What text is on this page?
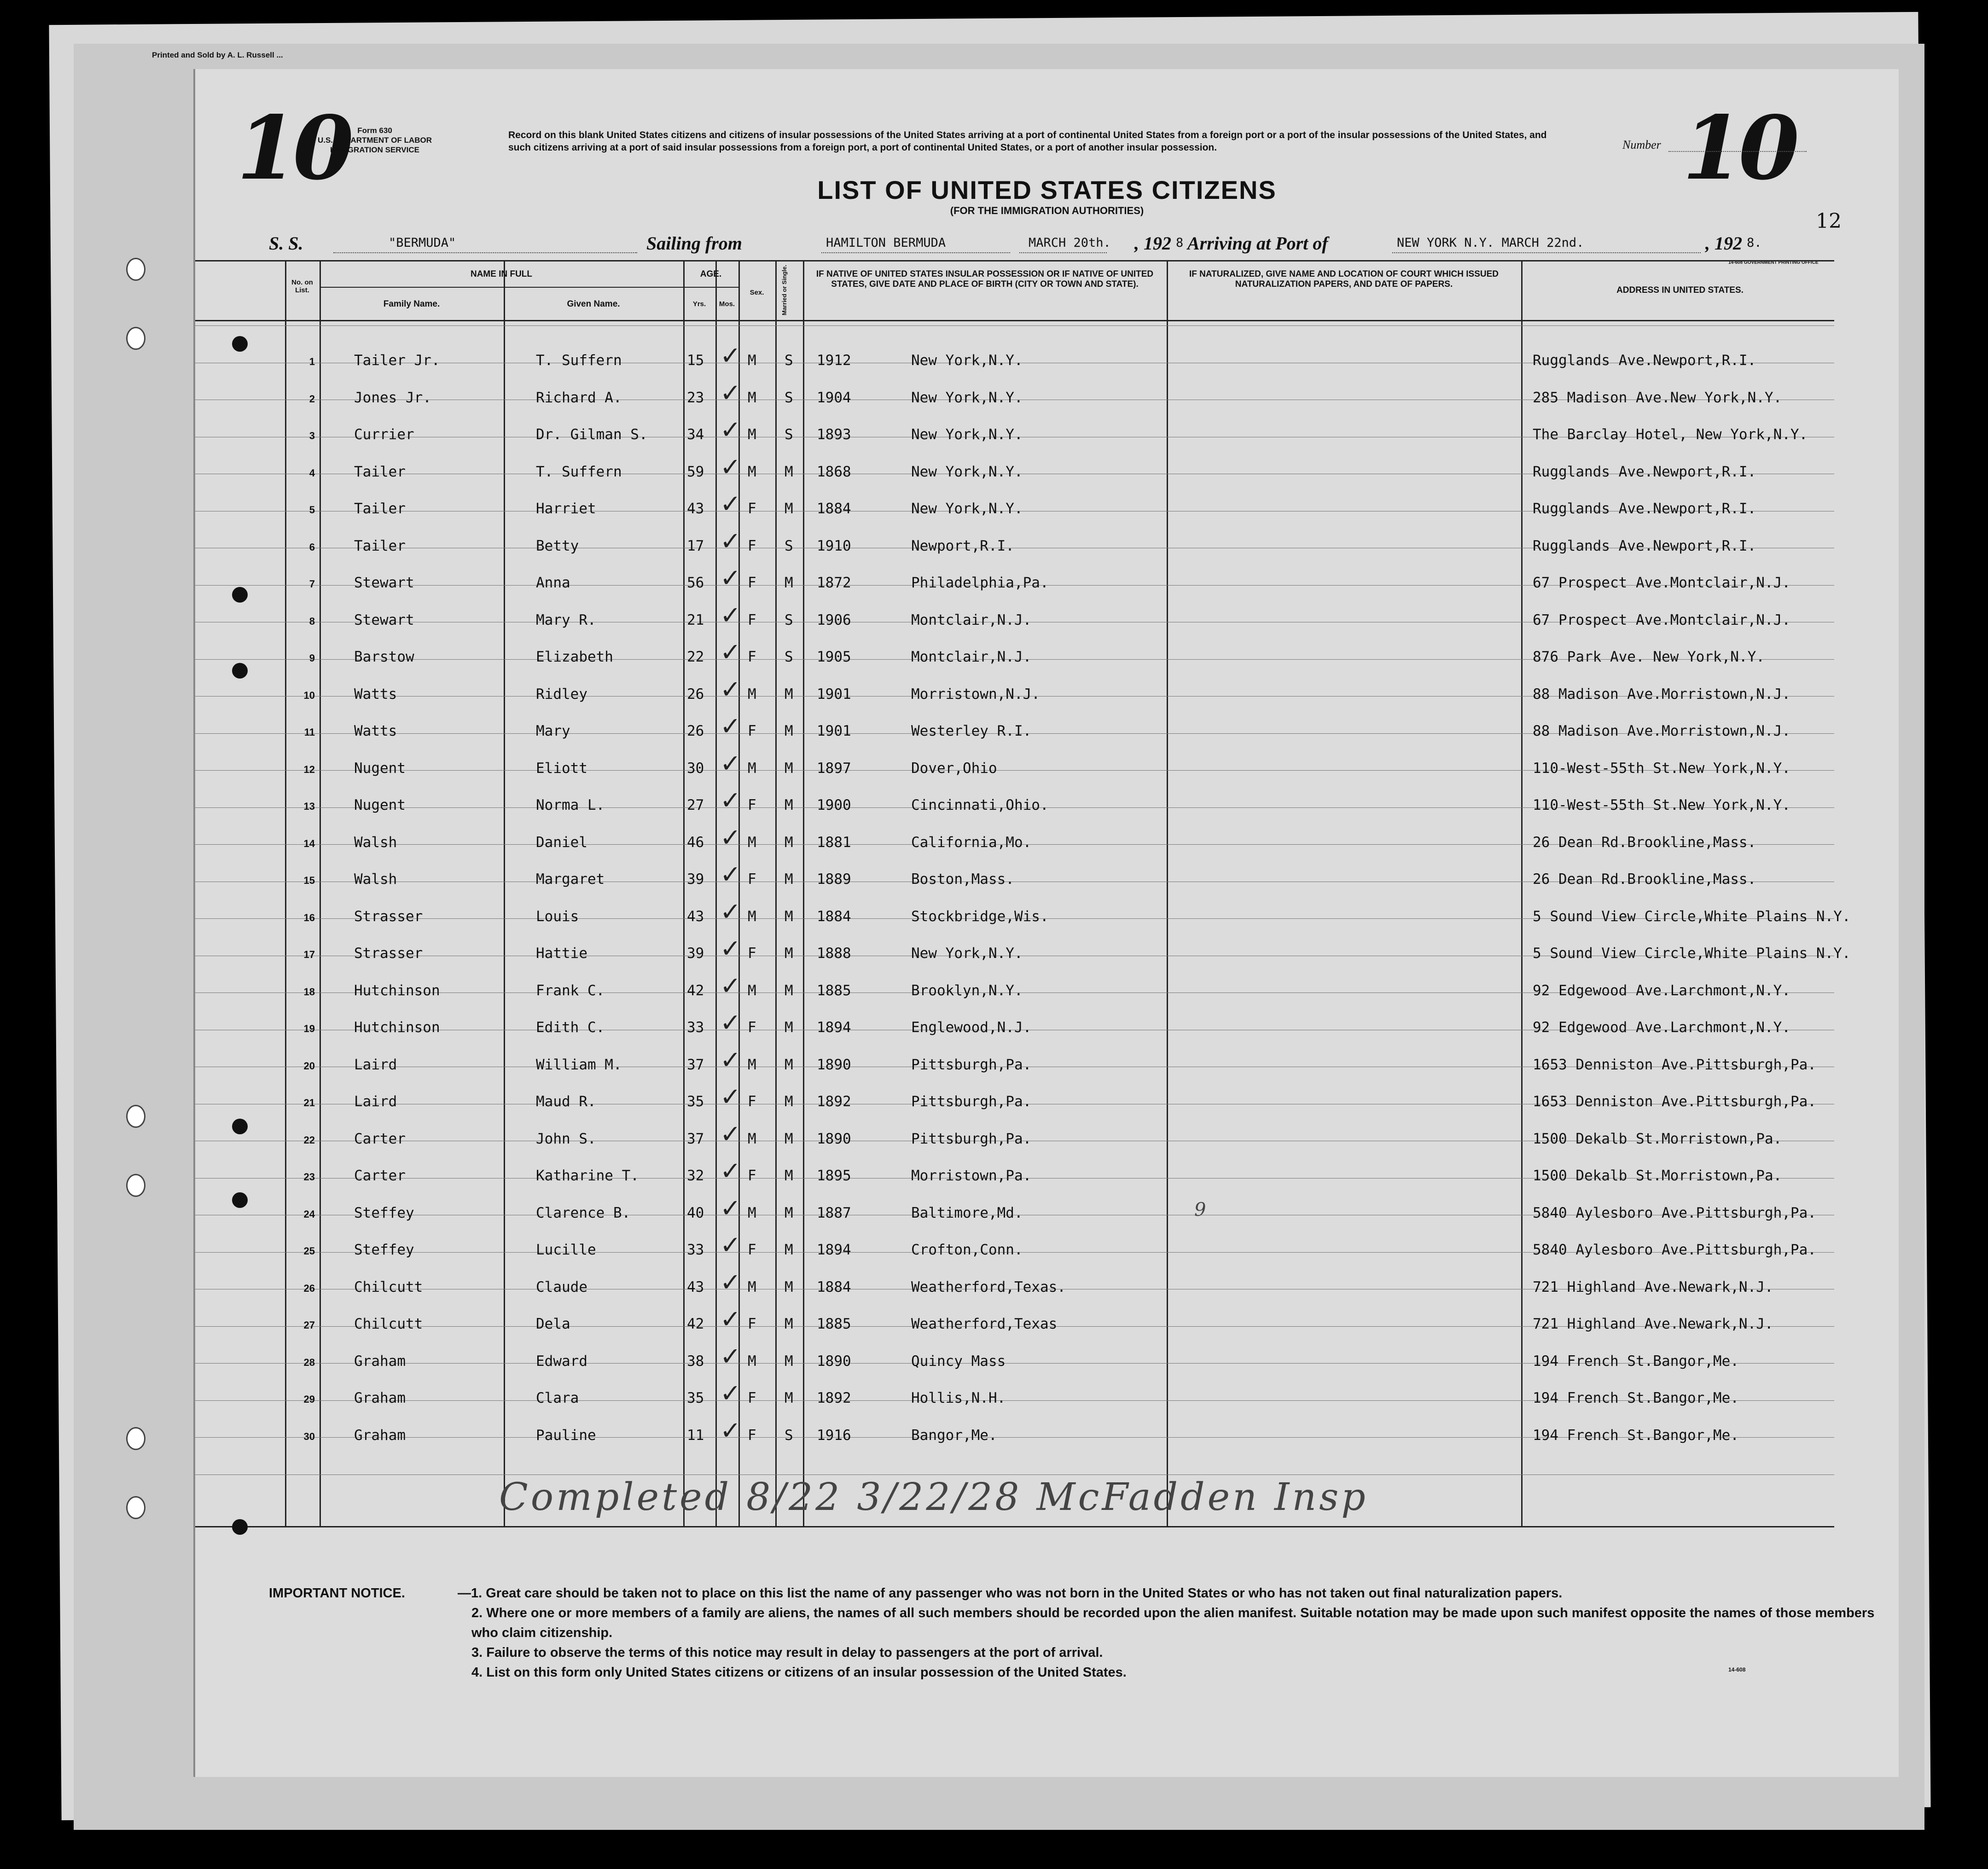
Printed and Sold by A. L. Russell ...
10	10
Form 630
U.S. DEPARTMENT OF LABOR
IMMIGRATION SERVICE
Record on this blank United States citizens and citizens of insular possessions of the United States arriving at a port of continental United States from a foreign port or a port of the insular possessions of the United States, and such citizens arriving at a port of said insular possessions from a foreign port, a port of continental United States, or a port of another insular possession.	Number
LIST OF UNITED STATES CITIZENS
(FOR THE IMMIGRATION AUTHORITIES)	12
S. S.	"BERMUDA"	Sailing from	HAMILTON BERMUDA	MARCH 20th. , 192 8 Arriving at Port of	NEW YORK N.Y. MARCH 22nd.	, 192 8.
14-608 GOVERNMENT PRINTING OFFICE
No. on List.
NAME IN FULL
Family Name.	Given Name.
AGE.
Yrs.	Mos.
Sex.	Married or Single.	IF NATIVE OF UNITED STATES INSULAR POSSESSION OR IF NATIVE OF UNITED STATES, GIVE DATE AND PLACE OF BIRTH (CITY OR TOWN AND STATE).
IF NATURALIZED, GIVE NAME AND LOCATION OF COURT WHICH ISSUED NATURALIZATION PAPERS, AND DATE OF PAPERS.
ADDRESS IN UNITED STATES.
1	Tailer Jr.	T. Suffern	15	M S 1912	New York,N.Y.	Rugglands Ave.Newport,R.I.
✓
2	Jones Jr.	Richard A.	23	M S 1904	New York,N.Y.	285 Madison Ave.New York,N.Y.
✓
3	Currier	Dr. Gilman S.	34	M S 1893	New York,N.Y.	The Barclay Hotel, New York,N.Y.
✓
4	Tailer	T. Suffern	59	M M 1868	New York,N.Y.	Rugglands Ave.Newport,R.I.
✓
5	Tailer	Harriet	43	F M 1884	New York,N.Y.	Rugglands Ave.Newport,R.I.
✓
6	Tailer	Betty	17	F S 1910	Newport,R.I.	Rugglands Ave.Newport,R.I.
✓
7	Stewart	Anna	56	F M 1872	Philadelphia,Pa.	67 Prospect Ave.Montclair,N.J.
✓
8	Stewart	Mary R.	21	F S 1906	Montclair,N.J.	67 Prospect Ave.Montclair,N.J.
✓
9	Barstow	Elizabeth	22	F S 1905	Montclair,N.J.	876 Park Ave. New York,N.Y.
✓
10	Watts	Ridley	26	M M 1901	Morristown,N.J.	88 Madison Ave.Morristown,N.J.
✓
11	Watts	Mary	26	F M 1901	Westerley R.I.	88 Madison Ave.Morristown,N.J.
✓
12	Nugent	Eliott	30	M M 1897	Dover,Ohio	110-West-55th St.New York,N.Y.
✓
13	Nugent	Norma L.	27	F M 1900	Cincinnati,Ohio.	110-West-55th St.New York,N.Y.
✓
14	Walsh	Daniel	46	M M 1881	California,Mo.	26 Dean Rd.Brookline,Mass.
✓
15	Walsh	Margaret	39	F M 1889	Boston,Mass.	26 Dean Rd.Brookline,Mass.
✓
16	Strasser	Louis	43	M M 1884	Stockbridge,Wis.	5 Sound View Circle,White Plains N.Y.
✓
17	Strasser	Hattie	39	F M 1888	New York,N.Y.	5 Sound View Circle,White Plains N.Y.
✓
18	Hutchinson	Frank C.	42	M M 1885	Brooklyn,N.Y.	92 Edgewood Ave.Larchmont,N.Y.
✓
19	Hutchinson	Edith C.	33	F M 1894	Englewood,N.J.	92 Edgewood Ave.Larchmont,N.Y.
✓
20	Laird	William M.	37	M M 1890	Pittsburgh,Pa.	1653 Denniston Ave.Pittsburgh,Pa.
✓
21	Laird	Maud R.	35	F M 1892	Pittsburgh,Pa.	1653 Denniston Ave.Pittsburgh,Pa.
✓
22	Carter	John S.	37	M M 1890	Pittsburgh,Pa.	1500 Dekalb St.Morristown,Pa.
✓
23	Carter	Katharine T.	32	F M 1895	Morristown,Pa.	1500 Dekalb St.Morristown,Pa.
✓
24	Steffey	Clarence B.	40	M M 1887	Baltimore,Md.	5840 Aylesboro Ave.Pittsburgh,Pa.
✓
25	Steffey	Lucille	33	F M 1894	Crofton,Conn.	5840 Aylesboro Ave.Pittsburgh,Pa.
✓
26	Chilcutt	Claude	43	M M 1884	Weatherford,Texas.	721 Highland Ave.Newark,N.J.
✓
27	Chilcutt	Dela	42	F M 1885	Weatherford,Texas	721 Highland Ave.Newark,N.J.
✓
28	Graham	Edward	38	M M 1890	Quincy Mass	194 French St.Bangor,Me.
✓
29	Graham	Clara	35	F M 1892	Hollis,N.H.	194 French St.Bangor,Me.
✓
30	Graham	Pauline	11	F S 1916	Bangor,Me.	194 French St.Bangor,Me.
✓
9
Completed 8/22 3/22/28 McFadden Insp
IMPORTANT NOTICE.	—1. Great care should be taken not to place on this list the name of any passenger who was not born in the United States or who has not taken out final naturalization papers.
2. Where one or more members of a family are aliens, the names of all such members should be recorded upon the alien manifest. Suitable notation may be made upon such manifest opposite the names of those members who claim citizenship.
3. Failure to observe the terms of this notice may result in delay to passengers at the port of arrival.
4. List on this form only United States citizens or citizens of an insular possession of the United States.	14-608
